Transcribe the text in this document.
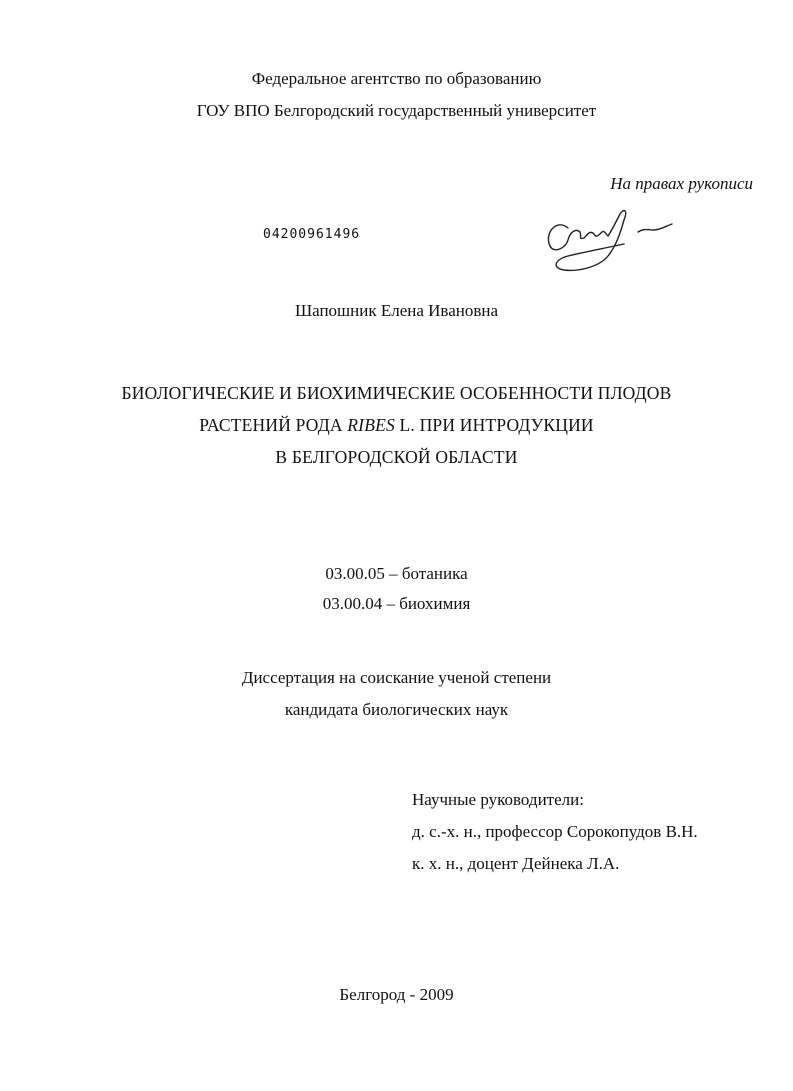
Федеральное агентство по образованию
ГОУ ВПО Белгородский государственный университет
На правах рукописи
04200961496
Шапошник Елена Ивановна
БИОЛОГИЧЕСКИЕ И БИОХИМИЧЕСКИЕ ОСОБЕННОСТИ ПЛОДОВ
РАСТЕНИЙ РОДА RIBES L. ПРИ ИНТРОДУКЦИИ
В БЕЛГОРОДСКОЙ ОБЛАСТИ
03.00.05 – ботаника
03.00.04 – биохимия
Диссертация на соискание ученой степени
кандидата биологических наук
Научные руководители:
д. с.-х. н., профессор Сорокопудов В.Н.
к. х. н., доцент Дейнека Л.А.
Белгород - 2009
